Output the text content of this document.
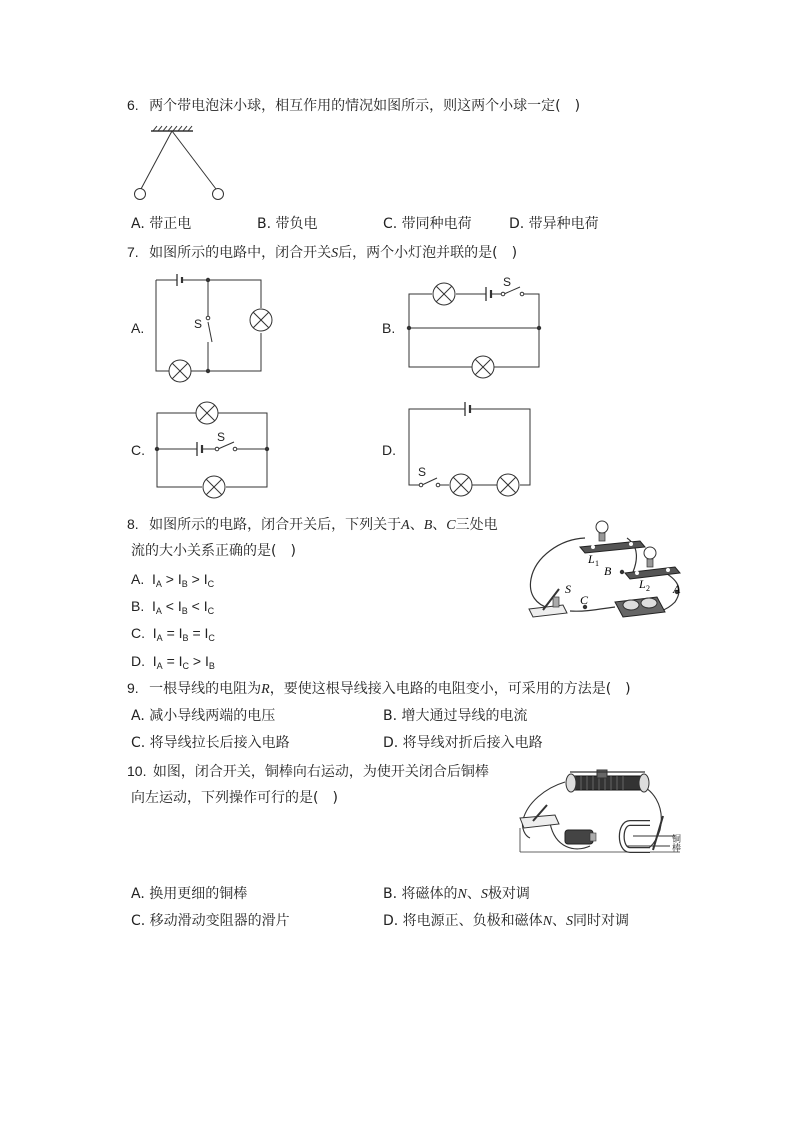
6. 两个带电泡沫小球，相互作用的情况如图所示，则这两个小球一定(　)
A. 带正电	B. 带负电	C. 带同种电荷	D. 带异种电荷
7. 如图所示的电路中，闭合开关S后，两个小灯泡并联的是(　)
A.	S	B.
S
C.
S
D.
S
8. 如图所示的电路，闭合开关后，下列关于A、B、C三处电
流的大小关系正确的是(　)
A. $I_A > I_B > I_C$
B. $I_A < I_B < I_C$
C. $I_A = I_B = I_C$
D. $I_A = I_C > I_B$
L 1
L 2
B
A
C
S
9. 一根导线的电阻为R，要使这根导线接入电路的电阻变小，可采用的方法是(　)
A. 减小导线两端的电压	B. 增大通过导线的电流
C. 将导线拉长后接入电路	D. 将导线对折后接入电路
10. 如图，闭合开关，铜棒向右运动，为使开关闭合后铜棒
向左运动，下列操作可行的是(　)
铜棒
A. 换用更细的铜棒	B. 将磁体的N、S极对调
C. 移动滑动变阻器的滑片	D. 将电源正、负极和磁体N、S同时对调
